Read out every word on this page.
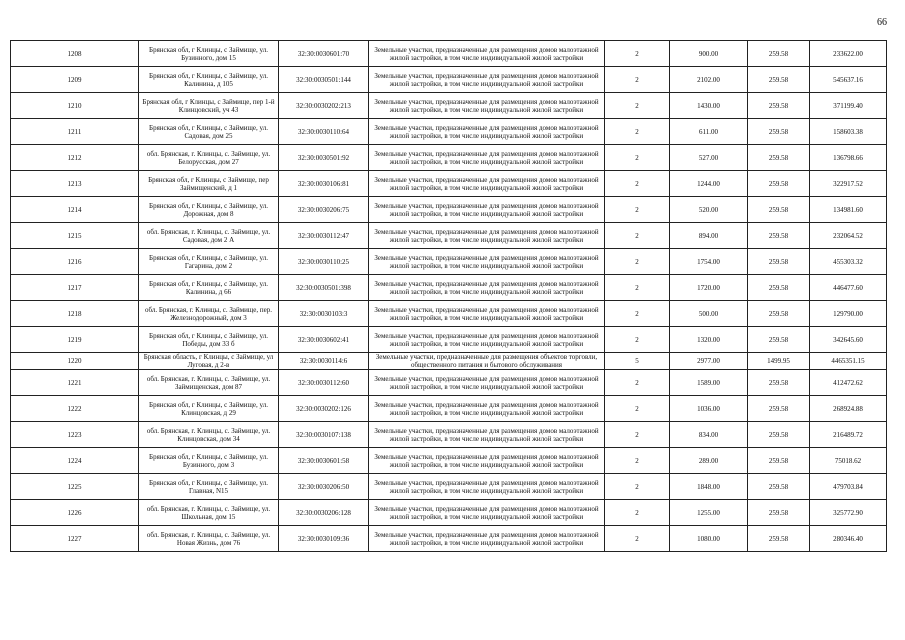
66
1208	Брянская обл, г Клинцы, с Займище, ул. Бузинного, дом 15	32:30:0030601:70	Земельные участки, предназначенные для размещения домов малоэтажной жилой застройки, в том числе индивидуальной жилой застройки	2	900.00	259.58	233622.00
1209	Брянская обл, г Клинцы, с Займище, ул. Калинина, д 105	32:30:0030501:144	Земельные участки, предназначенные для размещения домов малоэтажной жилой застройки, в том числе индивидуальной жилой застройки	2	2102.00	259.58	545637.16
1210	Брянская обл, г Клинцы, с Займище, пер 1-й Клинцовский, уч 43	32:30:0030202:213	Земельные участки, предназначенные для размещения домов малоэтажной жилой застройки, в том числе индивидуальной жилой застройки	2	1430.00	259.58	371199.40
1211	Брянская обл, г Клинцы, с Займище, ул. Садовая, дом 25	32:30:0030110:64	Земельные участки, предназначенные для размещения домов малоэтажной жилой застройки, в том числе индивидуальной жилой застройки	2	611.00	259.58	158603.38
1212	обл. Брянская, г. Клинцы, с. Займище, ул. Белорусская, дом 27	32:30:0030501:92	Земельные участки, предназначенные для размещения домов малоэтажной жилой застройки, в том числе индивидуальной жилой застройки	2	527.00	259.58	136798.66
1213	Брянская обл, г Клинцы, с Займище, пер Займищенский, д 1	32:30:0030106:81	Земельные участки, предназначенные для размещения домов малоэтажной жилой застройки, в том числе индивидуальной жилой застройки	2	1244.00	259.58	322917.52
1214	Брянская обл, г Клинцы, с Займище, ул. Дорожная, дом 8	32:30:0030206:75	Земельные участки, предназначенные для размещения домов малоэтажной жилой застройки, в том числе индивидуальной жилой застройки	2	520.00	259.58	134981.60
1215	обл. Брянская, г. Клинцы, с. Займище, ул. Садовая, дом 2 А	32:30:0030112:47	Земельные участки, предназначенные для размещения домов малоэтажной жилой застройки, в том числе индивидуальной жилой застройки	2	894.00	259.58	232064.52
1216	Брянская обл, г Клинцы, с Займище, ул. Гагарина, дом 2	32:30:0030110:25	Земельные участки, предназначенные для размещения домов малоэтажной жилой застройки, в том числе индивидуальной жилой застройки	2	1754.00	259.58	455303.32
1217	Брянская обл, г Клинцы, с Займище, ул. Калинина, д 66	32:30:0030501:398	Земельные участки, предназначенные для размещения домов малоэтажной жилой застройки, в том числе индивидуальной жилой застройки	2	1720.00	259.58	446477.60
1218	обл. Брянская, г. Клинцы, с. Займище, пер. Железнодорожный, дом 3	32:30:0030103:3	Земельные участки, предназначенные для размещения домов малоэтажной жилой застройки, в том числе индивидуальной жилой застройки	2	500.00	259.58	129790.00
1219	Брянская обл, г Клинцы, с Займище, ул. Победы, дом 33 б	32:30:0030602:41	Земельные участки, предназначенные для размещения домов малоэтажной жилой застройки, в том числе индивидуальной жилой застройки	2	1320.00	259.58	342645.60
1220	Брянская область, г Клинцы, с Займище, ул Луговая, д 2-в	32:30:0030114:6	Земельные участки, предназначенные для размещения объектов торговли, общественного питания и бытового обслуживания	5	2977.00	1499.95	4465351.15
1221	обл. Брянская, г. Клинцы, с. Займище, ул. Займищенская, дом 87	32:30:0030112:60	Земельные участки, предназначенные для размещения домов малоэтажной жилой застройки, в том числе индивидуальной жилой застройки	2	1589.00	259.58	412472.62
1222	Брянская обл, г Клинцы, с Займище, ул. Клинцовская, д 29	32:30:0030202:126	Земельные участки, предназначенные для размещения домов малоэтажной жилой застройки, в том числе индивидуальной жилой застройки	2	1036.00	259.58	268924.88
1223	обл. Брянская, г. Клинцы, с. Займище, ул. Клинцовская, дом 34	32:30:0030107:138	Земельные участки, предназначенные для размещения домов малоэтажной жилой застройки, в том числе индивидуальной жилой застройки	2	834.00	259.58	216489.72
1224	Брянская обл, г Клинцы, с Займище, ул. Бузинного, дом 3	32:30:0030601:58	Земельные участки, предназначенные для размещения домов малоэтажной жилой застройки, в том числе индивидуальной жилой застройки	2	289.00	259.58	75018.62
1225	Брянская обл, г Клинцы, с Займище, ул. Главная, N15	32:30:0030206:50	Земельные участки, предназначенные для размещения домов малоэтажной жилой застройки, в том числе индивидуальной жилой застройки	2	1848.00	259.58	479703.84
1226	обл. Брянская, г. Клинцы, с. Займище, ул. Школьная, дом 15	32:30:0030206:128	Земельные участки, предназначенные для размещения домов малоэтажной жилой застройки, в том числе индивидуальной жилой застройки	2	1255.00	259.58	325772.90
1227	обл. Брянская, г. Клинцы, с. Займище, ул. Новая Жизнь, дом 76	32:30:0030109:36	Земельные участки, предназначенные для размещения домов малоэтажной жилой застройки, в том числе индивидуальной жилой застройки	2	1080.00	259.58	280346.40
